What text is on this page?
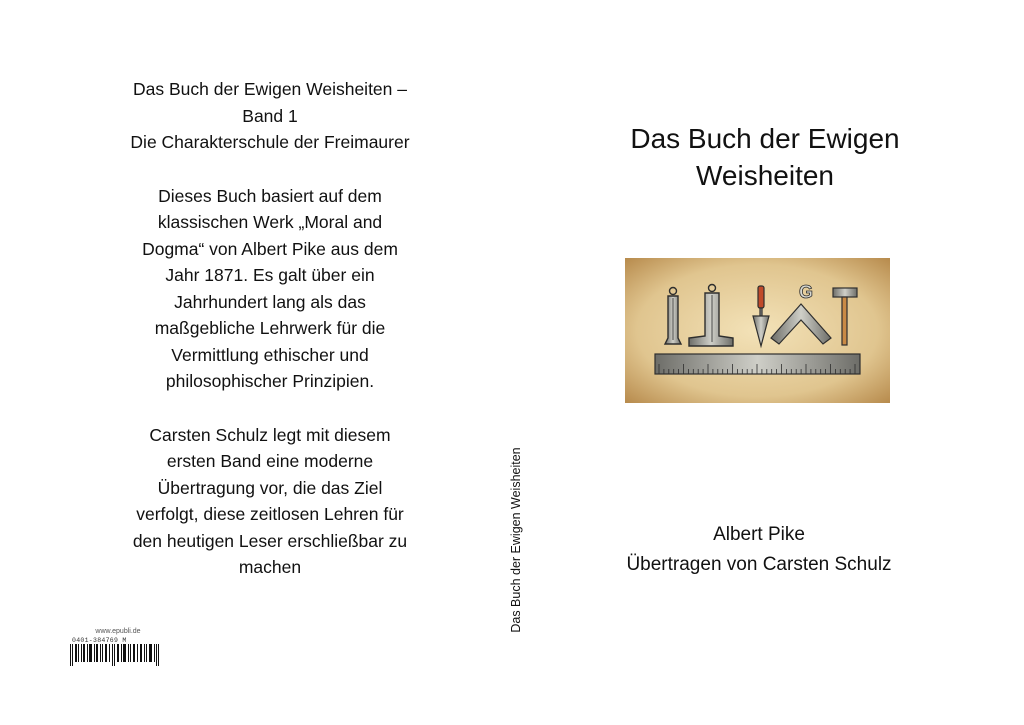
Das Buch der Ewigen Weisheiten –

Band 1

Die Charakterschule der Freimaurer

Dieses Buch basiert auf dem

klassischen Werk „Moral and

Dogma“ von Albert Pike aus dem

Jahr 1871. Es galt über ein

Jahrhundert lang als das

maßgebliche Lehrwerk für die

Vermittlung ethischer und

philosophischer Prinzipien.

Carsten Schulz legt mit diesem

ersten Band eine moderne

Übertragung vor, die das Ziel

verfolgt, diese zeitlosen Lehren für

den heutigen Leser erschließbar zu

machen

www.epubli.de
0401-384769 M
Das Buch der Ewigen Weisheiten
Das Buch der Ewigen
Weisheiten
G
Albert Pike
Übertragen von Carsten Schulz
